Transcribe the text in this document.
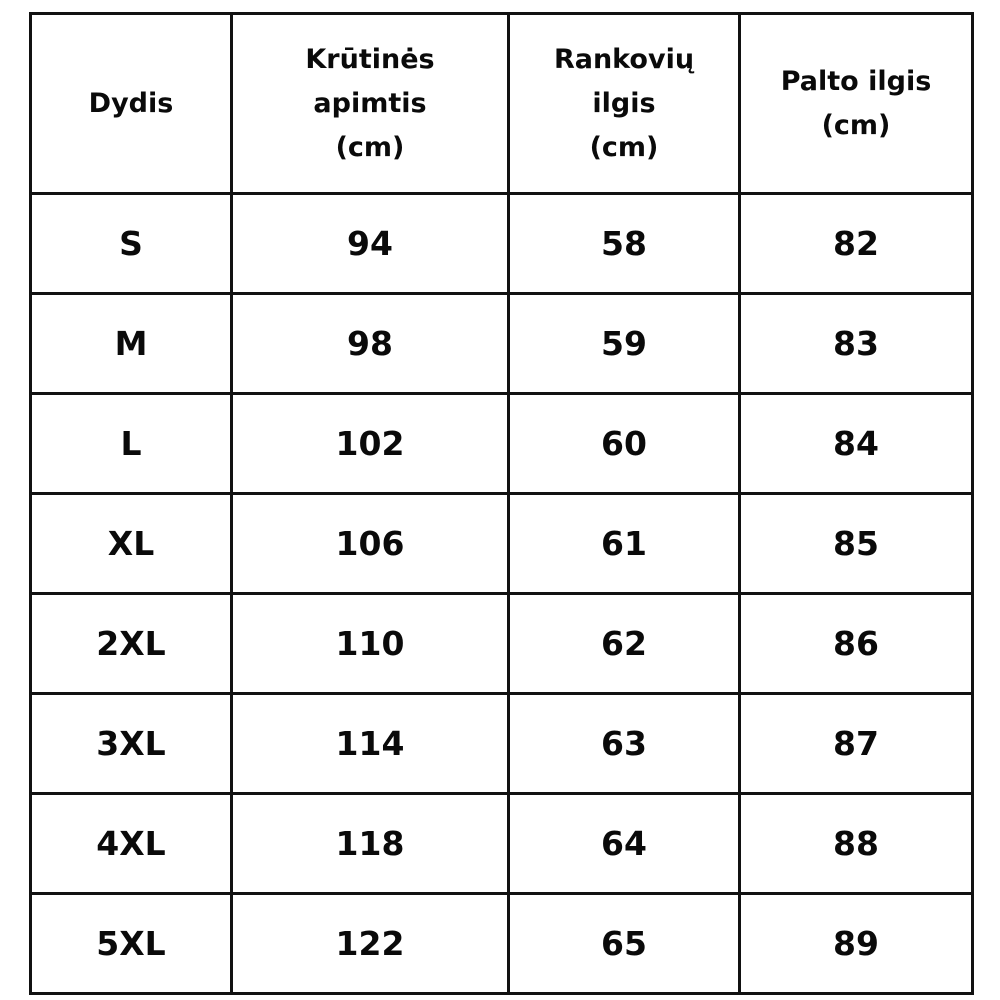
Dydis

Krūtinės
apimtis
(cm)

Rankovių
ilgis
(cm)

Palto ilgis
(cm)

S	94	58	82
M	98	59	83
L	102	60	84
XL	106	61	85
2XL	110	62	86
3XL	114	63	87
4XL	118	64	88
5XL	122	65	89
